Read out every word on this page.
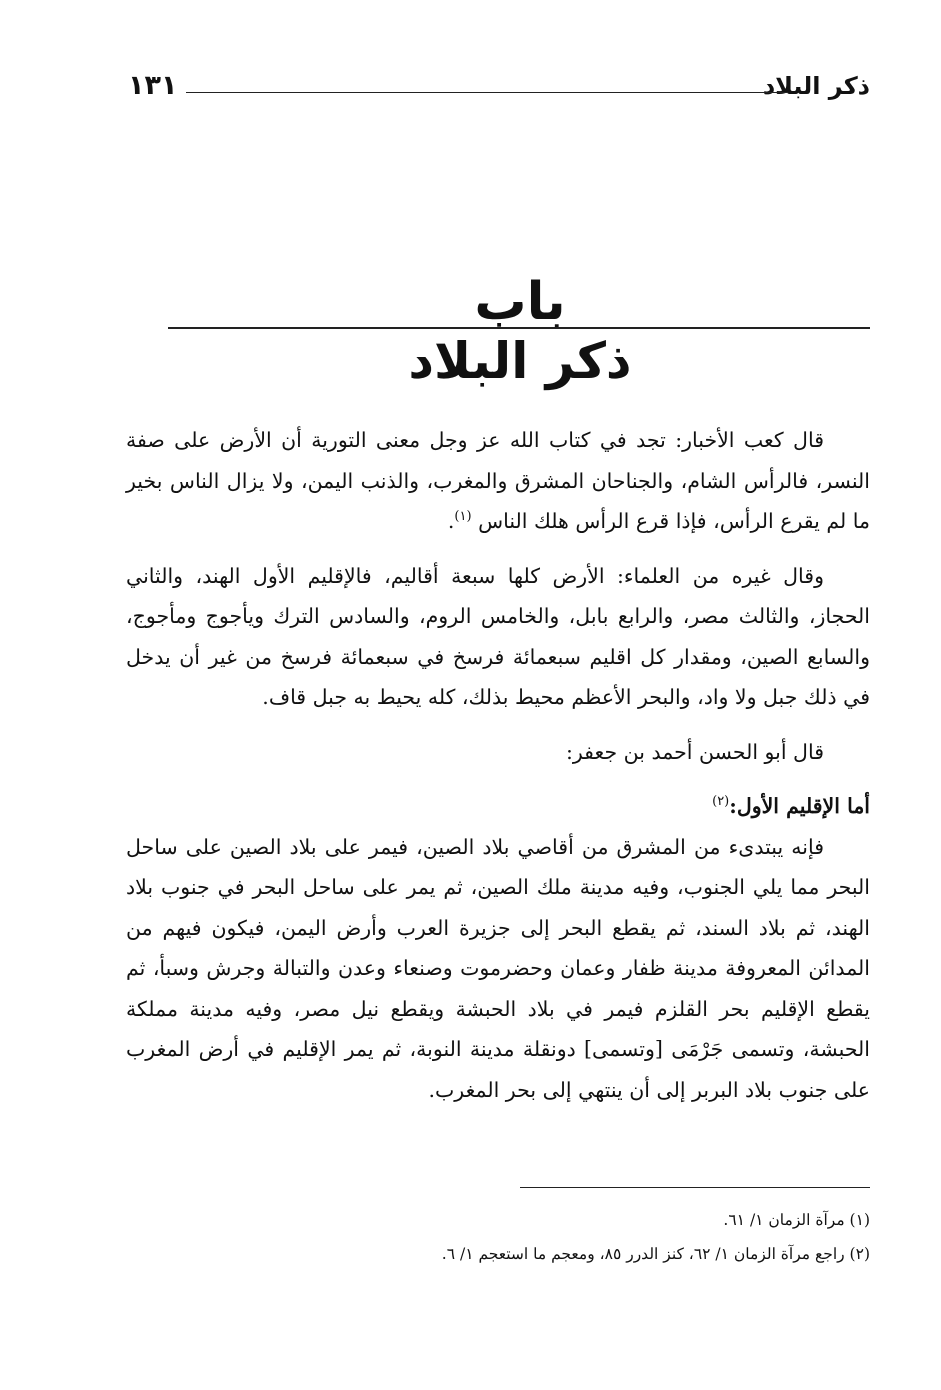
ذكر البلاد
١٣١
باب
ذكر البلاد

قال كعب الأخبار: تجد في كتاب الله عز وجل معنى التورية أن الأرض على صفة النسر، فالرأس الشام، والجناحان المشرق والمغرب، والذنب اليمن، ولا يزال الناس بخير ما لم يقرع الرأس، فإذا قرع الرأس هلك الناس $^{(١)}$.

وقال غيره من العلماء: الأرض كلها سبعة أقاليم، فالإقليم الأول الهند، والثاني الحجاز، والثالث مصر، والرابع بابل، والخامس الروم، والسادس الترك ويأجوج ومأجوج، والسابع الصين، ومقدار كل اقليم سبعمائة فرسخ في سبعمائة فرسخ من غير أن يدخل في ذلك جبل ولا واد، والبحر الأعظم محيط بذلك، كله يحيط به جبل قاف.

قال أبو الحسن أحمد بن جعفر:

أما الإقليم الأول:$^{(٢)}$

فإنه يبتدىء من المشرق من أقاصي بلاد الصين، فيمر على بلاد الصين على ساحل البحر مما يلي الجنوب، وفيه مدينة ملك الصين، ثم يمر على ساحل البحر في جنوب بلاد الهند، ثم بلاد السند، ثم يقطع البحر إلى جزيرة العرب وأرض اليمن، فيكون فيهم من المدائن المعروفة مدينة ظفار وعمان وحضرموت وصنعاء وعدن والتبالة وجرش وسبأ، ثم يقطع الإقليم بحر القلزم فيمر في بلاد الحبشة ويقطع نيل مصر، وفيه مدينة مملكة الحبشة، وتسمى جَرْمَى [وتسمى] دونقلة مدينة النوبة، ثم يمر الإقليم في أرض المغرب على جنوب بلاد البربر إلى أن ينتهي إلى بحر المغرب.

(١) مرآة الزمان ١/ ٦١.

(٢) راجع مرآة الزمان ١/ ٦٢، كنز الدرر ٨٥، ومعجم ما استعجم ١/ ٦.
